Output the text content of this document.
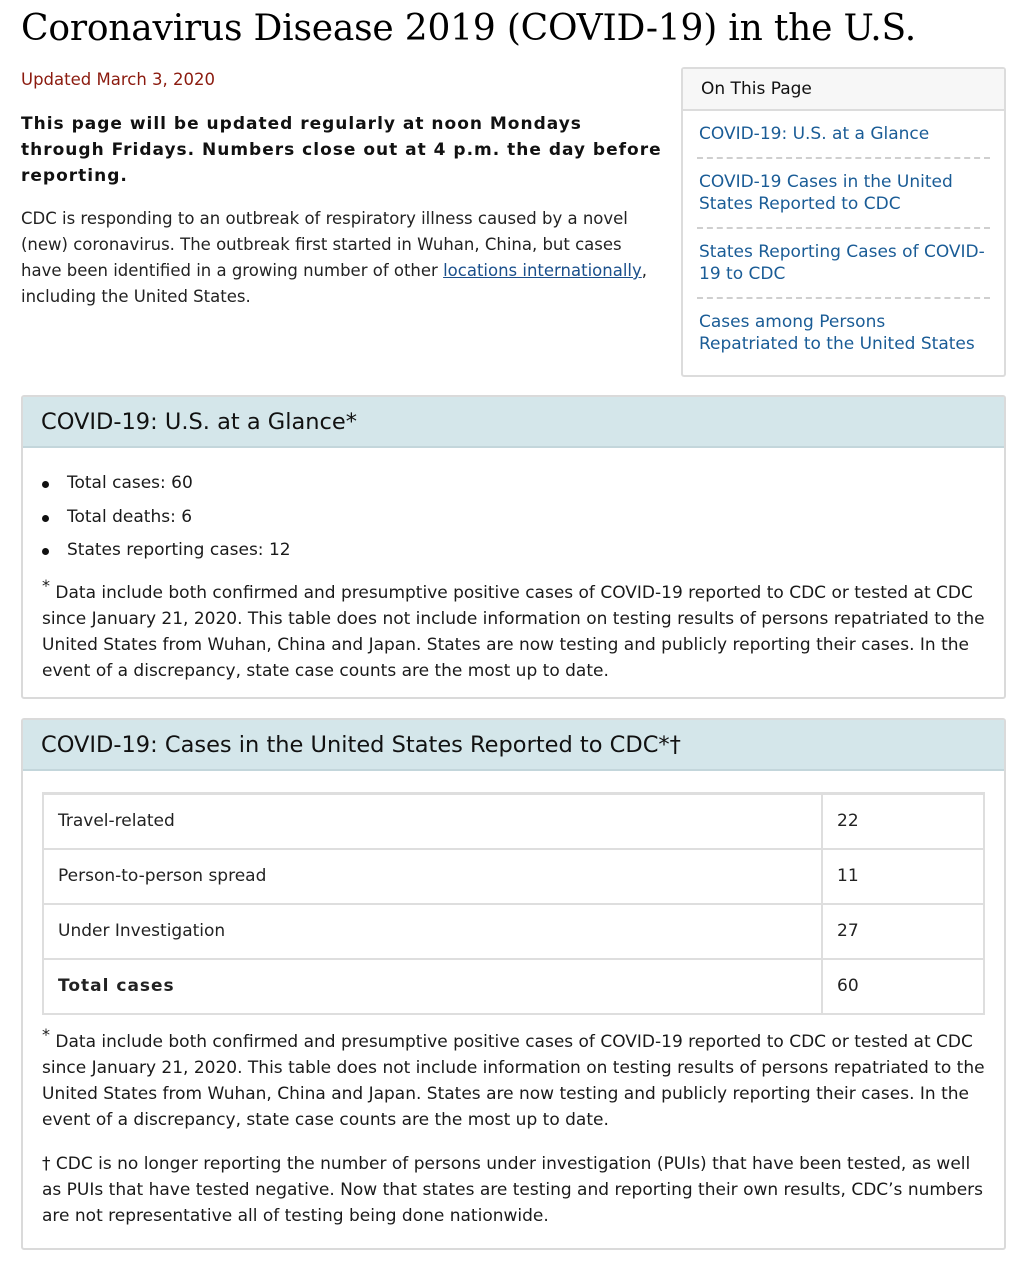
Coronavirus Disease 2019 (COVID-19) in the U.S.
Updated March 3, 2020

This page will be updated regularly at noon Mondays through Fridays. Numbers close out at 4 p.m. the day before reporting.

CDC is responding to an outbreak of respiratory illness caused by a novel (new) coronavirus. The outbreak first started in Wuhan, China, but cases have been identified in a growing number of other locations internationally, including the United States.

On This Page
COVID-19: U.S. at a Glance
COVID-19 Cases in the United States Reported to CDC
States Reporting Cases of COVID-19 to CDC
Cases among Persons Repatriated to the United States
COVID-19: U.S. at a Glance*
Total cases: 60
Total deaths: 6
States reporting cases: 12

* Data include both confirmed and presumptive positive cases of COVID-19 reported to CDC or tested at CDC since January 21, 2020. This table does not include information on testing results of persons repatriated to the United States from Wuhan, China and Japan. States are now testing and publicly reporting their cases. In the event of a discrepancy, state case counts are the most up to date.

COVID-19: Cases in the United States Reported to CDC*†
Travel-related	22
Person-to-person spread	11
Under Investigation	27
Total cases	60

* Data include both confirmed and presumptive positive cases of COVID-19 reported to CDC or tested at CDC since January 21, 2020. This table does not include information on testing results of persons repatriated to the United States from Wuhan, China and Japan. States are now testing and publicly reporting their cases. In the event of a discrepancy, state case counts are the most up to date.

† CDC is no longer reporting the number of persons under investigation (PUIs) that have been tested, as well as PUIs that have tested negative. Now that states are testing and reporting their own results, CDC’s numbers are not representative all of testing being done nationwide.
